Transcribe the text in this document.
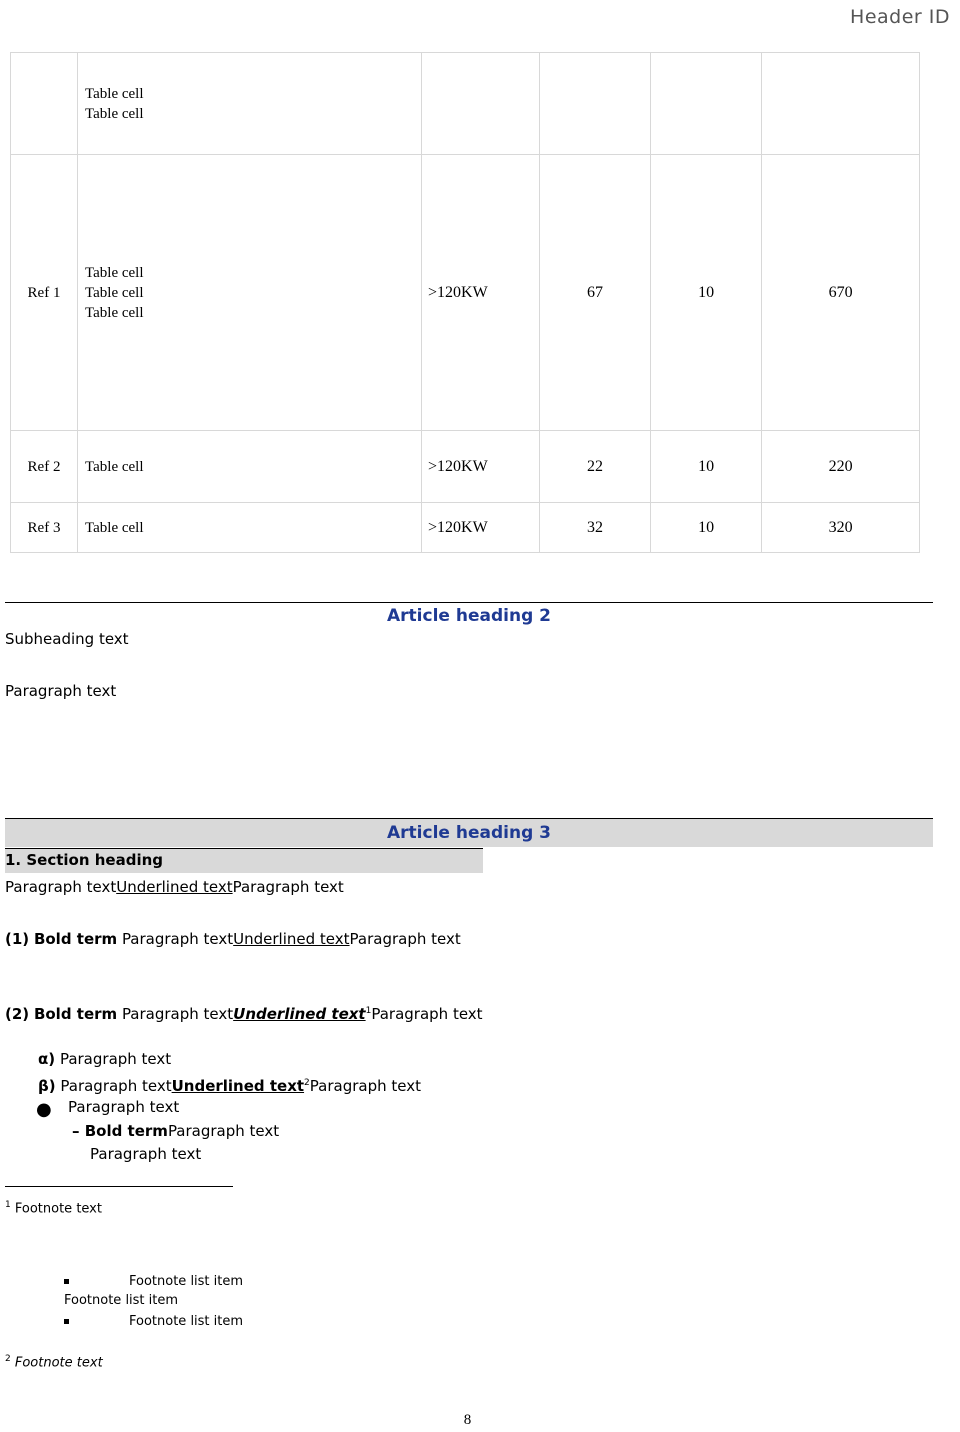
Header ID

	Table cell
Table cell				

Ref 1	Table cell
Table cell
Table cell	>120KW	67	10	670
Ref 2	Table cell	>120KW	22	10	220
Ref 3	Table cell	>120KW	32	10	320
Article heading 2
Subheading text
Paragraph text
Article heading 3
1. Section heading
Paragraph textUnderlined textParagraph text
(1) Bold term Paragraph textUnderlined textParagraph text
(2) Bold term Paragraph textUnderlined text$^1$Paragraph text
α) Paragraph text
β) Paragraph textUnderlined text$^2$Paragraph text
● Paragraph text
– Bold termParagraph text
Paragraph text
$^1$ Footnote text
Footnote list item
Footnote list item
Footnote list item
$^2$ Footnote text
8
